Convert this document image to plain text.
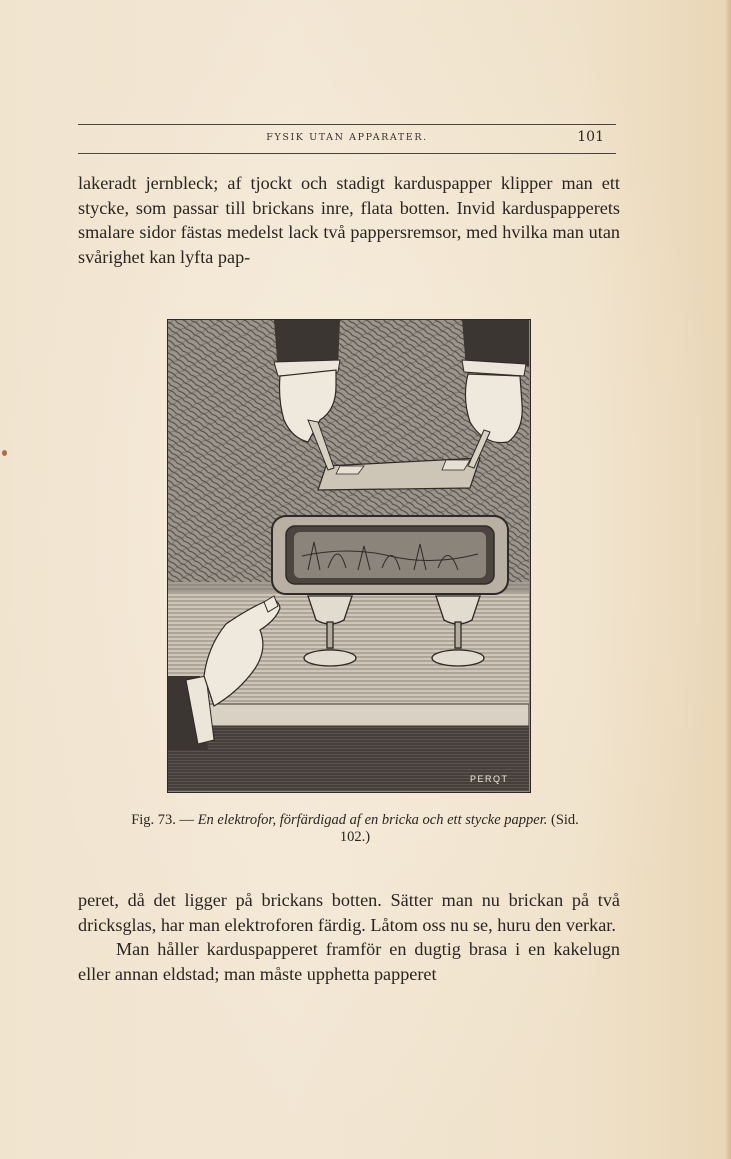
FYSIK UTAN APPARATER.	101

lakeradt jernbleck; af tjockt och stadigt karduspapper klipper man ett stycke, som passar till brickans inre, flata botten. Invid karduspapperets smalare sidor fästas medelst lack två pappersremsor, med hvilka man utan svårighet kan lyfta pap-

PERQT
Fig. 73. — En elektrofor, förfärdigad af en bricka och ett stycke papper. (Sid. 102.)

peret, då det ligger på brickans botten. Sätter man nu brickan på två dricksglas, har man elektroforen färdig. Låtom oss nu se, huru den verkar.

Man håller karduspapperet framför en dugtig brasa i en kakelugn eller annan eldstad; man måste upphetta papperet
